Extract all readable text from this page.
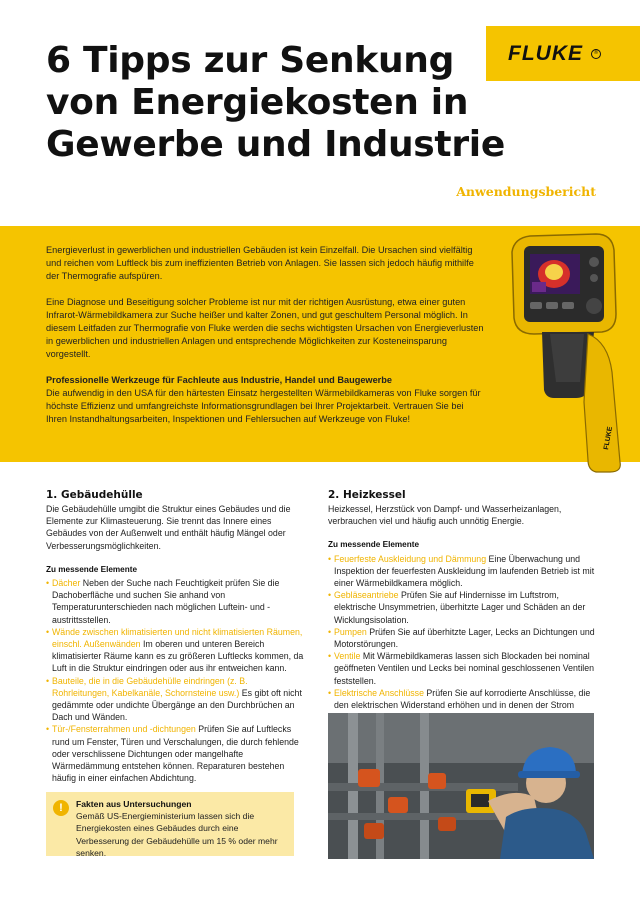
6 Tipps zur Senkung
von Energiekosten in
Gewerbe und Industrie
FLUKE	®
Anwendungsbericht

Energieverlust in gewerblichen und industriellen Gebäuden ist kein Einzelfall. Die Ursachen sind vielfältig und reichen vom Luftleck bis zum ineffizienten Betrieb von Anlagen. Sie lassen sich jedoch häufig mithilfe der Thermografie aufspüren.

Eine Diagnose und Beseitigung solcher Probleme ist nur mit der richtigen Ausrüstung, etwa einer guten Infrarot-Wärmebildkamera zur Suche heißer und kalter Zonen, und gut geschultem Personal möglich. In diesem Leitfaden zur Thermografie von Fluke werden die sechs wichtigsten Ursachen von Energieverlusten in gewerblichen und industriellen Anlagen und entsprechende Möglichkeiten zur Kosteneinsparung vorgestellt.

Professionelle Werkzeuge für Fachleute aus Industrie, Handel und Baugewerbe

Die aufwendig in den USA für den härtesten Einsatz hergestellten Wärmebildkameras von Fluke sorgen für höchste Effizienz und umfangreichste Informationsgrundlagen bei Ihrer Projektarbeit. Vertrauen Sie bei Ihren Instandhaltungsarbeiten, Inspektionen und Fehlersuchen auf Werkzeuge von Fluke!

FLUKE
1. Gebäudehülle
Die Gebäudehülle umgibt die Struktur eines Gebäudes und die Elemente zur Klimasteuerung. Sie trennt das Innere eines Gebäudes von der Außenwelt und enthält häufig Mängel oder Verbesserungsmöglichkeiten.
Zu messende Elemente
• Dächer Neben der Suche nach Feuchtigkeit prüfen Sie die Dachoberfläche und suchen Sie anhand von Temperaturunterschieden nach möglichen Luftein- und -austrittsstellen.
• Wände zwischen klimatisierten und nicht klimatisierten Räumen, einschl. Außenwänden Im oberen und unteren Bereich klimatisierter Räume kann es zu größeren Luftlecks kommen, da Luft in die Struktur eindringen oder aus ihr entweichen kann.
• Bauteile, die in die Gebäudehülle eindringen (z. B. Rohrleitungen, Kabelkanäle, Schornsteine usw.) Es gibt oft nicht gedämmte oder undichte Übergänge an den Durchbrüchen an Dach und Wänden.
• Tür-/Fensterrahmen und -dichtungen Prüfen Sie auf Luftlecks rund um Fenster, Türen und Verschalungen, die durch fehlende oder verschlissene Dichtungen oder mangelhafte Wärmedämmung entstehen können. Reparaturen bestehen häufig in einer einfachen Abdichtung.
!	Fakten aus Untersuchungen
Gemäß US-Energieministerium lassen sich die Energiekosten eines Gebäudes durch eine Verbesserung der Gebäudehülle um 15 % oder mehr senken.
2. Heizkessel
Heizkessel, Herzstück von Dampf- und Wasserheizanlagen, verbrauchen viel und häufig auch unnötig Energie.
Zu messende Elemente
• Feuerfeste Auskleidung und Dämmung Eine Überwachung und Inspektion der feuerfesten Auskleidung im laufenden Betrieb ist mit einer Wärmebildkamera möglich.
• Gebläseantriebe Prüfen Sie auf Hindernisse im Luftstrom, elektrische Unsymmetrien, überhitzte Lager und Schäden an der Wicklungsisolation.
• Pumpen Prüfen Sie auf überhitzte Lager, Lecks an Dichtungen und Motorstörungen.
• Ventile Mit Wärmebildkameras lassen sich Blockaden bei nominal geöffneten Ventilen und Lecks bei nominal geschlossenen Ventilen feststellen.
• Elektrische Anschlüsse Prüfen Sie auf korrodierte Anschlüsse, die den elektrischen Widerstand erhöhen und in denen der Strom
